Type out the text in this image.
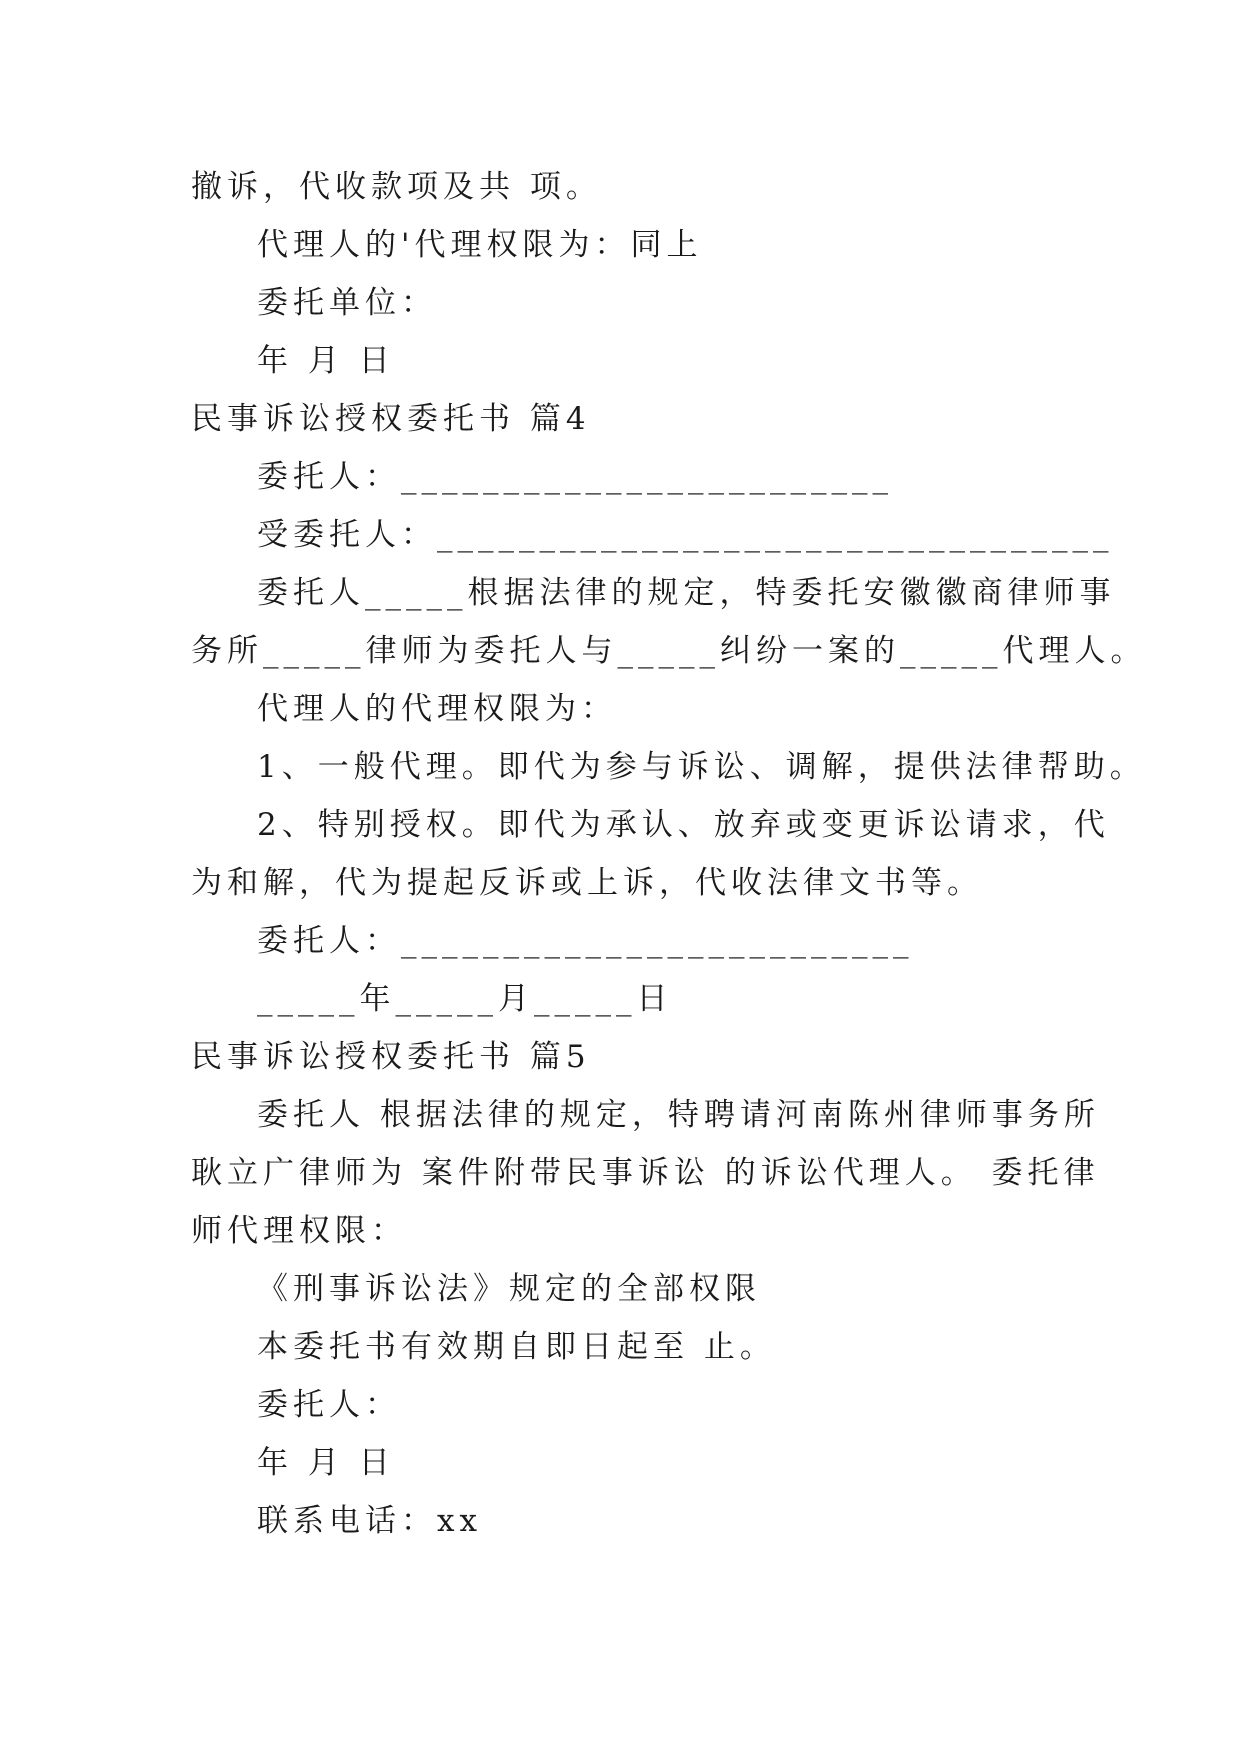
撤诉，代收款项及共 项。
代理人的'代理权限为：同上
委托单位：
年 月 日
民事诉讼授权委托书 篇4
委托人：________________________
受委托人：_________________________________
委托人_____根据法律的规定，特委托安徽徽商律师事
务所_____律师为委托人与_____纠纷一案的_____代理人。
代理人的代理权限为：
1、一般代理。即代为参与诉讼、调解，提供法律帮助。
2、特别授权。即代为承认、放弃或变更诉讼请求，代
为和解，代为提起反诉或上诉，代收法律文书等。
委托人：_________________________
_____年_____月_____日
民事诉讼授权委托书 篇5
委托人 根据法律的规定，特聘请河南陈州律师事务所
耿立广律师为 案件附带民事诉讼 的诉讼代理人。 委托律
师代理权限：
《刑事诉讼法》规定的全部权限
本委托书有效期自即日起至 止。
委托人：
年 月 日
联系电话：xx
